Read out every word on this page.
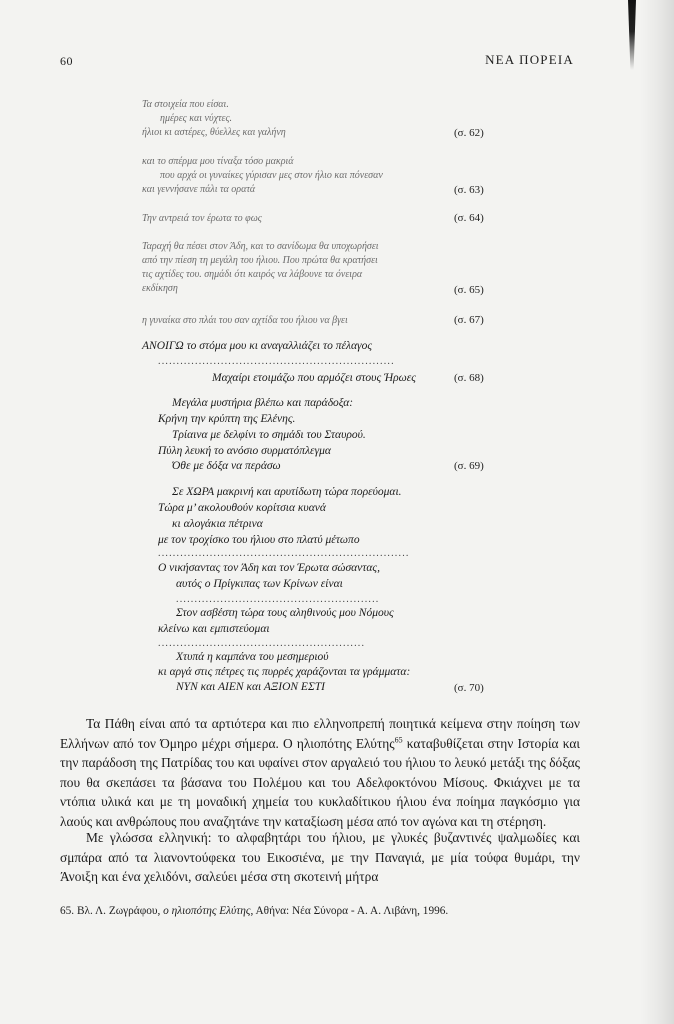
60	ΝΕΑ ΠΟΡΕΙΑ
Τα στοιχεία που είσαι.
ημέρες και νύχτες.
ήλιοι κι αστέρες, θύελλες και γαλήνη	(σ. 62)
και το σπέρμα μου τίναξα τόσο μακριά
που αρχά οι γυναίκες γύρισαν μες στον ήλιο και πόνεσαν
και γεννήσανε πάλι τα ορατά	(σ. 63)
Την αντρειά τον έρωτα το φως	(σ. 64)
Ταραχή θα πέσει στον Άδη, και το σανίδωμα θα υποχωρήσει
από την πίεση τη μεγάλη του ήλιου. Που πρώτα θα κρατήσει
τις αχτίδες του. σημάδι ότι καιρός να λάβουνε τα όνειρα
εκδίκηση	(σ. 65)
η γυναίκα στο πλάι του σαν αχτίδα του ήλιου να βγει	(σ. 67)
ΑΝΟΙΓΩ το στόμα μου κι αναγαλλιάζει το πέλαγος
................................................................
Μαχαίρι ετοιμάζω που αρμόζει στους Ήρωες	(σ. 68)
Μεγάλα μυστήρια βλέπω και παράδοξα:
Κρήνη την κρύπτη της Ελένης.
Τρίαινα με δελφίνι το σημάδι του Σταυρού.
Πύλη λευκή το ανόσιο συρματόπλεγμα
Όθε με δόξα να περάσω	(σ. 69)
Σε ΧΩΡΑ μακρινή και αρυτίδωτη τώρα πορεύομαι.
Τώρα μ’ ακολουθούν κορίτσια κυανά
κι αλογάκια πέτρινα
με τον τροχίσκο του ήλιου στο πλατύ μέτωπο
....................................................................
Ο νικήσαντας τον Άδη και τον Έρωτα σώσαντας,
αυτός ο Πρίγκιπας των Κρίνων είναι
.......................................................
Στον ασβέστη τώρα τους αληθινούς μου Νόμους
κλείνω και εμπιστεύομαι
........................................................
Χτυπά η καμπάνα του μεσημεριού
κι αργά στις πέτρες τις πυρρές χαράζονται τα γράμματα:
ΝΥΝ και ΑΙΕΝ και ΑΞΙΟΝ ΕΣΤΙ	(σ. 70)
Τα Πάθη είναι από τα αρτιότερα και πιο ελληνοπρεπή ποιητικά κείμενα στην ποίηση των Ελλήνων από τον Όμηρο μέχρι σήμερα. Ο ηλιοπότης Ελύτης$^{65}$ καταβυθίζεται στην Ιστορία και την παράδοση της Πατρίδας του και υφαίνει στον αργαλειό του ήλιου το λευκό μετάξι της δόξας που θα σκεπάσει τα βάσανα του Πολέμου και του Αδελφοκτόνου Μίσους. Φκιάχνει με τα ντόπια υλικά και με τη μοναδική χημεία του κυκλαδίτικου ήλιου ένα ποίημα παγκόσμιο για λαούς και ανθρώπους που αναζητάνε την καταξίωση μέσα από τον αγώνα και τη στέρηση.
Με γλώσσα ελληνική: το αλφαβητάρι του ήλιου, με γλυκές βυζαντινές ψαλμωδίες και σμπάρα από τα λιανοντούφεκα του Εικοσιένα, με την Παναγιά, με μία τούφα θυμάρι, την Άνοιξη και ένα χελιδόνι, σαλεύει μέσα στη σκοτεινή μήτρα
65. Βλ. Λ. Ζωγράφου, ο ηλιοπότης Ελύτης, Αθήνα: Νέα Σύνορα - Α. Α. Λιβάνη, 1996.
